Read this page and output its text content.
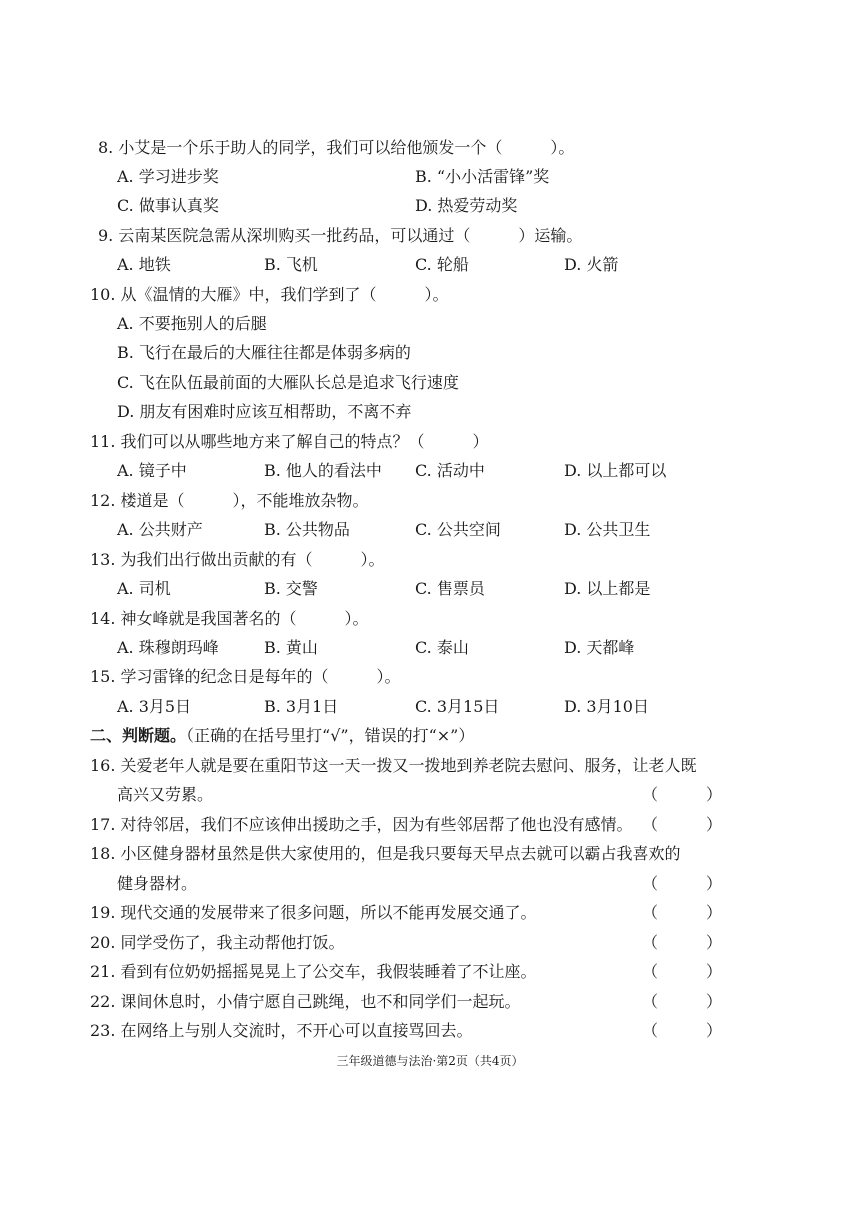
8. 小艾是一个乐于助人的同学，我们可以给他颁发一个（　　　）。
A. 学习进步奖	B. “小小活雷锋”奖
C. 做事认真奖	D. 热爱劳动奖
9. 云南某医院急需从深圳购买一批药品，可以通过（　　　）运输。
A. 地铁	B. 飞机	C. 轮船	D. 火箭
10. 从《温情的大雁》中，我们学到了（　　　）。
A. 不要拖别人的后腿
B. 飞行在最后的大雁往往都是体弱多病的
C. 飞在队伍最前面的大雁队长总是追求飞行速度
D. 朋友有困难时应该互相帮助，不离不弃
11. 我们可以从哪些地方来了解自己的特点？（　　　）
A. 镜子中	B. 他人的看法中 C. 活动中	D. 以上都可以
12. 楼道是（　　　），不能堆放杂物。
A. 公共财产	B. 公共物品	C. 公共空间	D. 公共卫生
13. 为我们出行做出贡献的有（　　　）。
A. 司机	B. 交警	C. 售票员	D. 以上都是
14. 神女峰就是我国著名的（　　　）。
A. 珠穆朗玛峰	B. 黄山	C. 泰山	D. 天都峰
15. 学习雷锋的纪念日是每年的（　　　）。
A. 3月5日	B. 3月1日	C. 3月15日	D. 3月10日
二、判断题。（正确的在括号里打“√”，错误的打“×”）
16. 关爱老年人就是要在重阳节这一天一拨又一拨地到养老院去慰问、服务，让老人既
高兴又劳累。	（　　　）
17. 对待邻居，我们不应该伸出援助之手，因为有些邻居帮了他也没有感情。 （　　　）
18. 小区健身器材虽然是供大家使用的，但是我只要每天早点去就可以霸占我喜欢的
健身器材。	（　　　）
19. 现代交通的发展带来了很多问题，所以不能再发展交通了。	（　　　）
20. 同学受伤了，我主动帮他打饭。	（　　　）
21. 看到有位奶奶摇摇晃晃上了公交车，我假装睡着了不让座。	（　　　）
22. 课间休息时，小倩宁愿自己跳绳，也不和同学们一起玩。	（　　　）
23. 在网络上与别人交流时，不开心可以直接骂回去。	（　　　）
三年级道德与法治·第2页（共4页）
